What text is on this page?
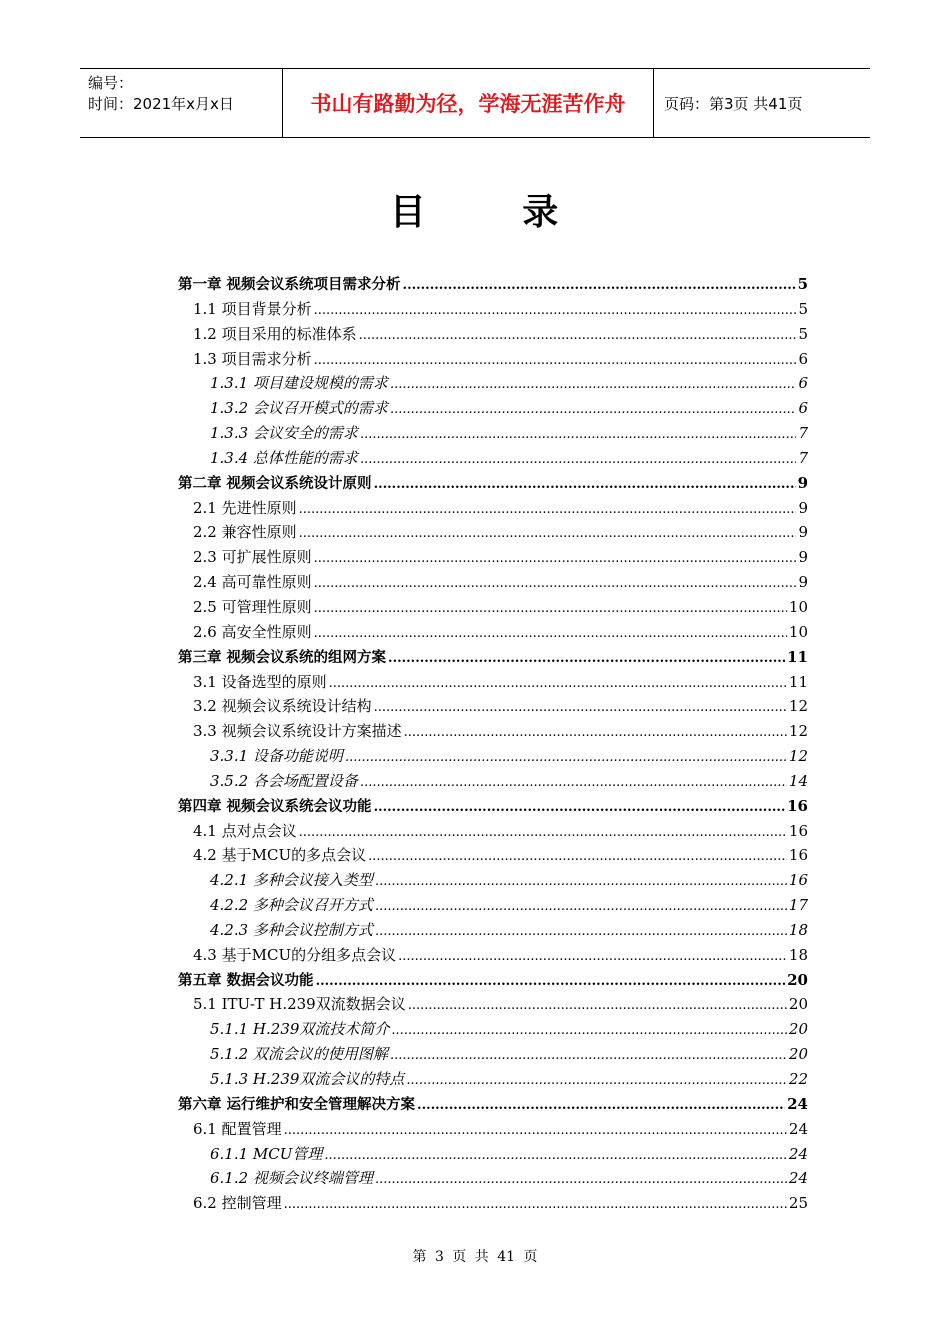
编号：
时间：2021年x月x日	书山有路勤为径，学海无涯苦作舟	页码：第3页 共41页
目 录
第一章 视频会议系统项目需求分析 .....	5
1.1 项目背景分析 .....	5
1.2 项目采用的标准体系 .....	5
1.3 项目需求分析 .....	6
1.3.1 项目建设规模的需求 .....	6
1.3.2 会议召开模式的需求 .....	6
1.3.3 会议安全的需求 .....	7
1.3.4 总体性能的需求 .....	7
第二章 视频会议系统设计原则 .....	9
2.1 先进性原则 .....	9
2.2 兼容性原则 .....	9
2.3 可扩展性原则 .....	9
2.4 高可靠性原则 .....	9
2.5 可管理性原则 .....	10
2.6 高安全性原则 .....	10
第三章 视频会议系统的组网方案 .....	11
3.1 设备选型的原则 .....	11
3.2 视频会议系统设计结构 .....	12
3.3 视频会议系统设计方案描述 .....	12
3.3.1 设备功能说明 .....	12
3.5.2 各会场配置设备 .....	14
第四章 视频会议系统会议功能 .....	16
4.1 点对点会议 .....	16
4.2 基于MCU的多点会议 .....	16
4.2.1 多种会议接入类型 .....	16
4.2.2 多种会议召开方式 .....	17
4.2.3 多种会议控制方式 .....	18
4.3 基于MCU的分组多点会议 .....	18
第五章 数据会议功能 .....	20
5.1 ITU-T H.239双流数据会议 .....	20
5.1.1 H.239双流技术简介 .....	20
5.1.2 双流会议的使用图解 .....	20
5.1.3 H.239双流会议的特点 .....	22
第六章 运行维护和安全管理解决方案 .....	24
6.1 配置管理 .....	24
6.1.1 MCU管理 .....	24
6.1.2 视频会议终端管理 .....	24
6.2 控制管理 .....	25
第 3 页 共 41 页
